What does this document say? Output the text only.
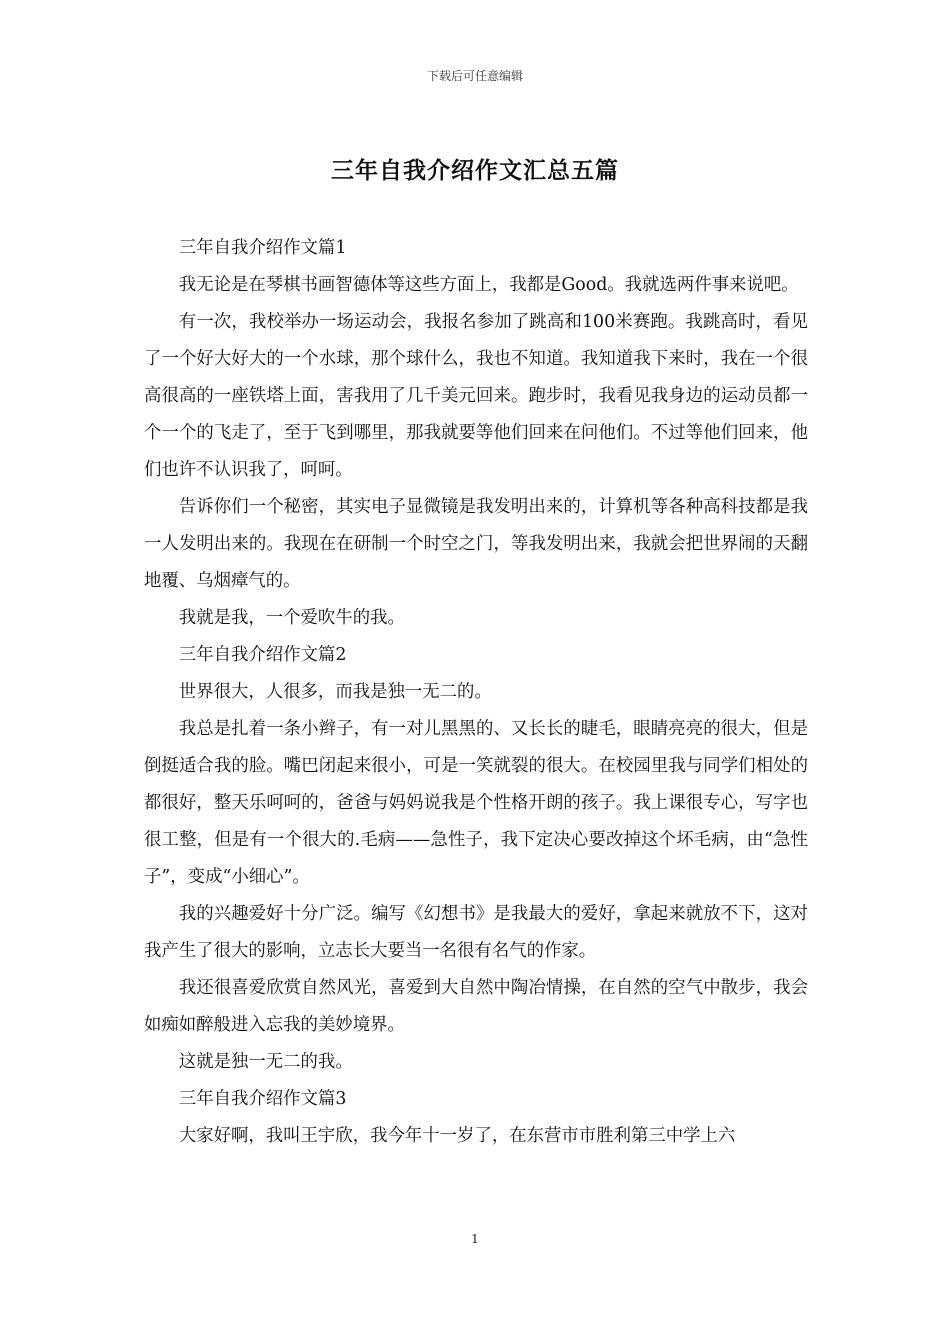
下载后可任意编辑
三年自我介绍作文汇总五篇

三年自我介绍作文篇1

我无论是在琴棋书画智德体等这些方面上，我都是Good。我就选两件事来说吧。

有一次，我校举办一场运动会，我报名参加了跳高和100米赛跑。我跳高时，看见了一个好大好大的一个水球，那个球什么，我也不知道。我知道我下来时，我在一个很高很高的一座铁塔上面，害我用了几千美元回来。跑步时，我看见我身边的运动员都一个一个的飞走了，至于飞到哪里，那我就要等他们回来在问他们。不过等他们回来，他们也许不认识我了，呵呵。

告诉你们一个秘密，其实电子显微镜是我发明出来的，计算机等各种高科技都是我一人发明出来的。我现在在研制一个时空之门，等我发明出来，我就会把世界闹的天翻地覆、乌烟瘴气的。

我就是我，一个爱吹牛的我。

三年自我介绍作文篇2

世界很大，人很多，而我是独一无二的。

我总是扎着一条小辫子，有一对儿黑黑的、又长长的睫毛，眼睛亮亮的很大，但是倒挺适合我的脸。嘴巴闭起来很小，可是一笑就裂的很大。在校园里我与同学们相处的都很好，整天乐呵呵的，爸爸与妈妈说我是个性格开朗的孩子。我上课很专心，写字也很工整，但是有一个很大的.毛病——急性子，我下定决心要改掉这个坏毛病，由“急性子”，变成“小细心”。

我的兴趣爱好十分广泛。编写《幻想书》是我最大的爱好，拿起来就放不下，这对我产生了很大的影响，立志长大要当一名很有名气的作家。

我还很喜爱欣赏自然风光，喜爱到大自然中陶冶情操，在自然的空气中散步，我会如痴如醉般进入忘我的美妙境界。

这就是独一无二的我。

三年自我介绍作文篇3

大家好啊，我叫王宇欣，我今年十一岁了，在东营市市胜利第三中学上六

1
